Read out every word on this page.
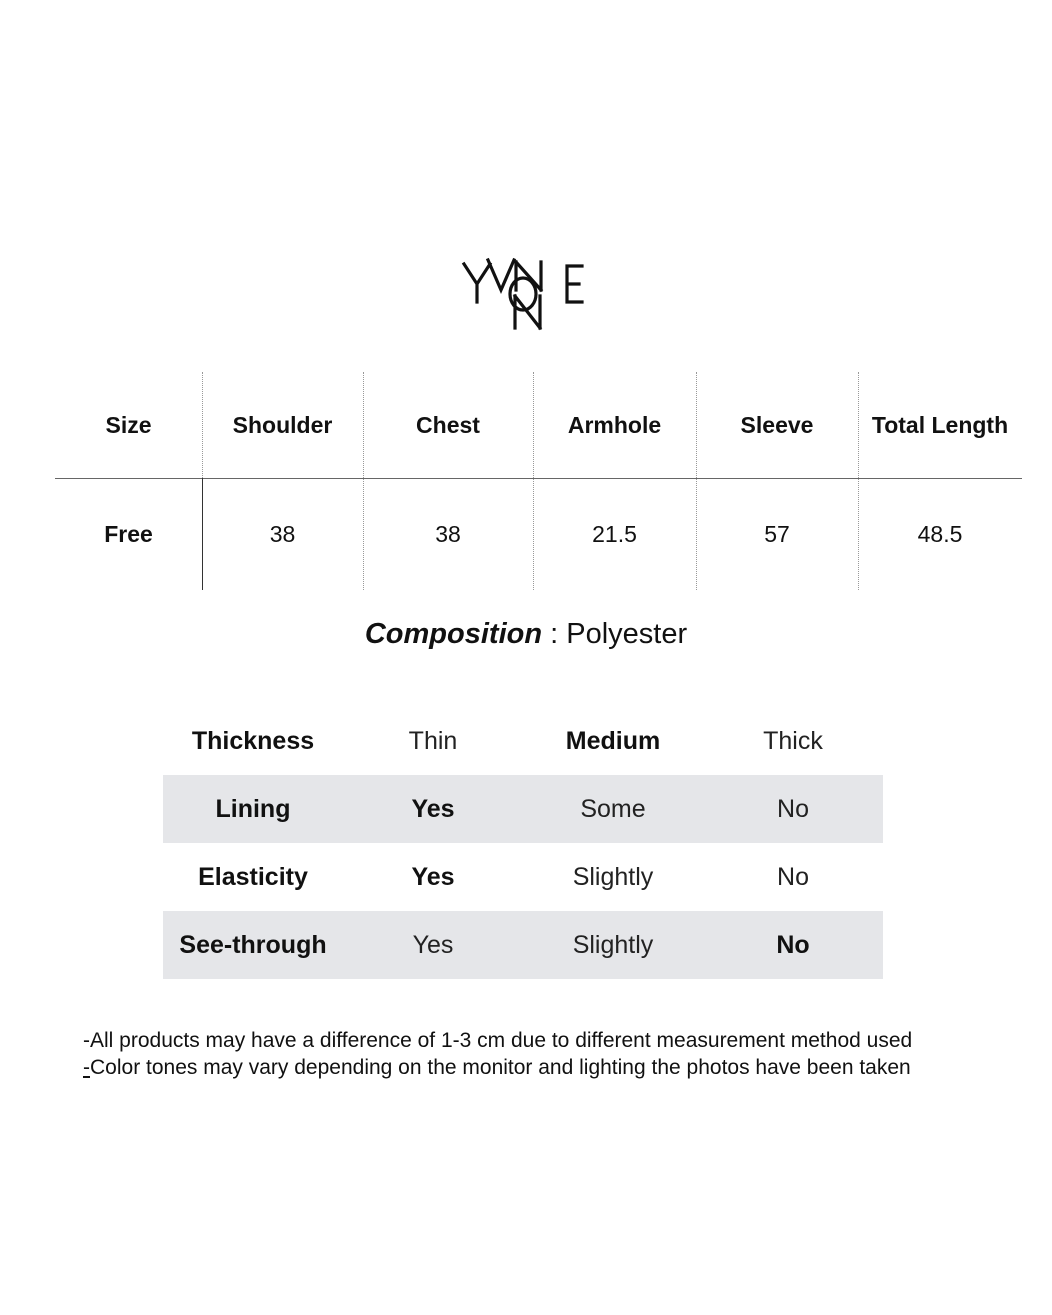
Size	Shoulder	Chest	Armhole	Sleeve	Total Length
Free	38	38	21.5	57	48.5
Composition : Polyester
Thickness	Thin	Medium	Thick
Lining	Yes	Some	No
Elasticity	Yes	Slightly	No
See-through	Yes	Slightly	No
-All products may have a difference of 1-3 cm due to different measurement method used
-Color tones may vary depending on the monitor and lighting the photos have been taken
